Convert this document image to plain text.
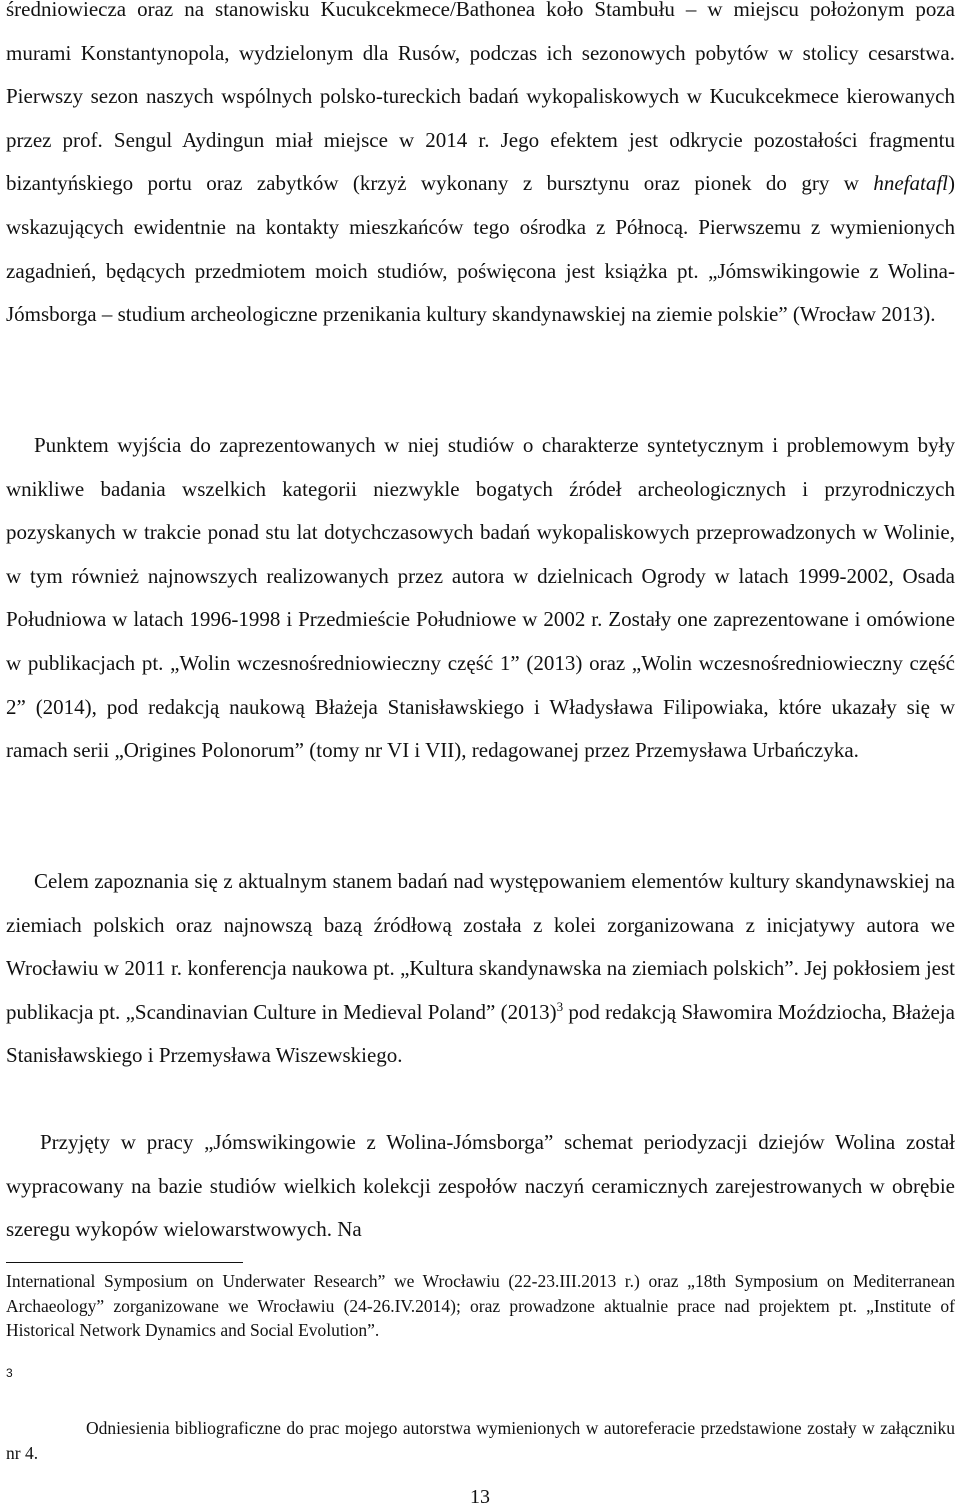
średniowiecza oraz na stanowisku Kucukcekmece/Bathonea koło Stambułu – w miejscu położonym poza murami Konstantynopola, wydzielonym dla Rusów, podczas ich sezonowych pobytów w stolicy cesarstwa. Pierwszy sezon naszych wspólnych polsko-tureckich badań wykopaliskowych w Kucukcekmece kierowanych przez prof. Sengul Aydingun miał miejsce w 2014 r. Jego efektem jest odkrycie pozostałości fragmentu bizantyńskiego portu oraz zabytków (krzyż wykonany z bursztynu oraz pionek do gry w hnefatafl) wskazujących ewidentnie na kontakty mieszkańców tego ośrodka z Północą. Pierwszemu z wymienionych zagadnień, będących przedmiotem moich studiów, poświęcona jest książka pt. „Jómswikingowie z Wolina-Jómsborga – studium archeologiczne przenikania kultury skandynawskiej na ziemie polskie” (Wrocław 2013).

Punktem wyjścia do zaprezentowanych w niej studiów o charakterze syntetycznym i problemowym były wnikliwe badania wszelkich kategorii niezwykle bogatych źródeł archeologicznych i przyrodniczych pozyskanych w trakcie ponad stu lat dotychczasowych badań wykopaliskowych przeprowadzonych w Wolinie, w tym również najnowszych realizowanych przez autora w dzielnicach Ogrody w latach 1999-2002, Osada Południowa w latach 1996-1998 i Przedmieście Południowe w 2002 r. Zostały one zaprezentowane i omówione w publikacjach pt. „Wolin wczesnośredniowieczny część 1” (2013) oraz „Wolin wczesnośredniowieczny część 2” (2014), pod redakcją naukową Błażeja Stanisławskiego i Władysława Filipowiaka, które ukazały się w ramach serii „Origines Polonorum” (tomy nr VI i VII), redagowanej przez Przemysława Urbańczyka.

Celem zapoznania się z aktualnym stanem badań nad występowaniem elementów kultury skandynawskiej na ziemiach polskich oraz najnowszą bazą źródłową została z kolei zorganizowana z inicjatywy autora we Wrocławiu w 2011 r. konferencja naukowa pt. „Kultura skandynawska na ziemiach polskich”. Jej pokłosiem jest publikacja pt. „Scandinavian Culture in Medieval Poland” $(2013)^3$ pod redakcją Sławomira Moździocha, Błażeja Stanisławskiego i Przemysława Wiszewskiego.

Przyjęty w pracy „Jómswikingowie z Wolina-Jómsborga” schemat periodyzacji dziejów Wolina został wypracowany na bazie studiów wielkich kolekcji zespołów naczyń ceramicznych zarejestrowanych w obrębie szeregu wykopów wielowarstwowych. Na

International Symposium on Underwater Research” we Wrocławiu (22-23.III.2013 r.) oraz „18th Symposium on Mediterranean Archaeology” zorganizowane we Wrocławiu (24-26.IV.2014); oraz prowadzone aktualnie prace nad projektem pt. „Institute of Historical Network Dynamics and Social Evolution”.

3

Odniesienia bibliograficzne do prac mojego autorstwa wymienionych w autoreferacie przedstawione zostały w załączniku nr 4.

13
